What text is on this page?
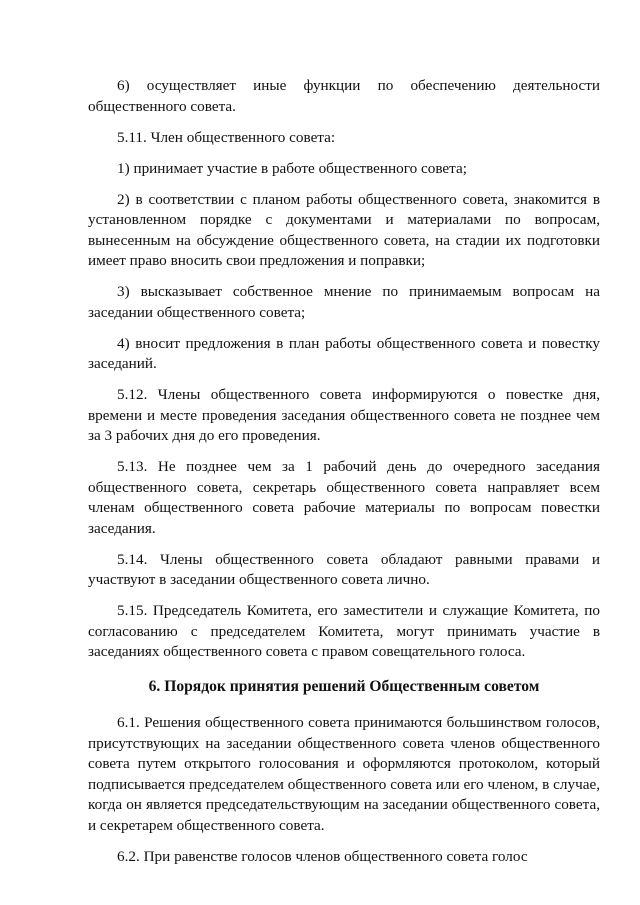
6) осуществляет иные функции по обеспечению деятельности общественного совета.

5.11. Член общественного совета:

1) принимает участие в работе общественного совета;

2) в соответствии с планом работы общественного совета, знакомится в установленном порядке с документами и материалами по вопросам, вынесенным на обсуждение общественного совета, на стадии их подготовки имеет право вносить свои предложения и поправки;

3) высказывает собственное мнение по принимаемым вопросам на заседании общественного совета;

4) вносит предложения в план работы общественного совета и повестку заседаний.

5.12. Члены общественного совета информируются о повестке дня, времени и месте проведения заседания общественного совета не позднее чем за 3 рабочих дня до его проведения.

5.13. Не позднее чем за 1 рабочий день до очередного заседания общественного совета, секретарь общественного совета направляет всем членам общественного совета рабочие материалы по вопросам повестки заседания.

5.14. Члены общественного совета обладают равными правами и участвуют в заседании общественного совета лично.

5.15. Председатель Комитета, его заместители и служащие Комитета, по согласованию с председателем Комитета, могут принимать участие в заседаниях общественного совета с правом совещательного голоса.

6. Порядок принятия решений Общественным советом

6.1. Решения общественного совета принимаются большинством голосов, присутствующих на заседании общественного совета членов общественного совета путем открытого голосования и оформляются протоколом, который подписывается председателем общественного совета или его членом, в случае, когда он является председательствующим на заседании общественного совета, и секретарем общественного совета.

6.2. При равенстве голосов членов общественного совета голос
